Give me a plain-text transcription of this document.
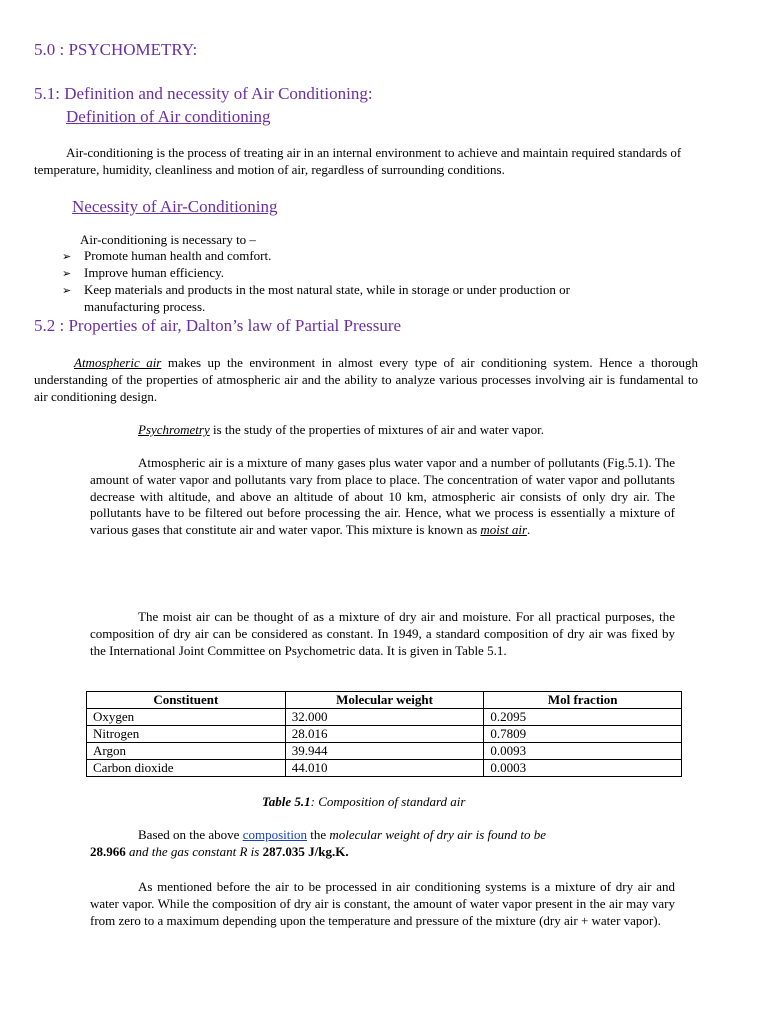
5.0 : PSYCHOMETRY:
5.1: Definition and necessity of Air Conditioning:
Definition of Air conditioning
Air-conditioning is the process of treating air in an internal environment to achieve and maintain required standards of temperature, humidity, cleanliness and motion of air, regardless of surrounding conditions.
Necessity of Air-Conditioning
Air-conditioning is necessary to –
➢ Promote human health and comfort.
➢ Improve human efficiency.
➢ Keep materials and products in the most natural state, while in storage or under production or
manufacturing process.
5.2 : Properties of air, Dalton’s law of Partial Pressure
Atmospheric air makes up the environment in almost every type of air conditioning system. Hence a thorough understanding of the properties of atmospheric air and the ability to analyze various processes involving air is fundamental to air conditioning design.
Psychrometry is the study of the properties of mixtures of air and water vapor.
Atmospheric air is a mixture of many gases plus water vapor and a number of pollutants (Fig.5.1). The amount of water vapor and pollutants vary from place to place. The concentration of water vapor and pollutants decrease with altitude, and above an altitude of about 10 km, atmospheric air consists of only dry air. The pollutants have to be filtered out before processing the air. Hence, what we process is essentially a mixture of various gases that constitute air and water vapor. This mixture is known as moist air.
The moist air can be thought of as a mixture of dry air and moisture. For all practical purposes, the composition of dry air can be considered as constant. In 1949, a standard composition of dry air was fixed by the International Joint Committee on Psychometric data. It is given in Table 5.1.
Constituent	Molecular weight	Mol fraction
Oxygen	32.000	0.2095
Nitrogen	28.016	0.7809
Argon	39.944	0.0093
Carbon dioxide	44.010	0.0003
Table 5.1: Composition of standard air
Based on the above composition the molecular weight of dry air is found to be
28.966 and the gas constant R is 287.035 J/kg.K.
As mentioned before the air to be processed in air conditioning systems is a mixture of dry air and water vapor. While the composition of dry air is constant, the amount of water vapor present in the air may vary from zero to a maximum depending upon the temperature and pressure of the mixture (dry air + water vapor).
